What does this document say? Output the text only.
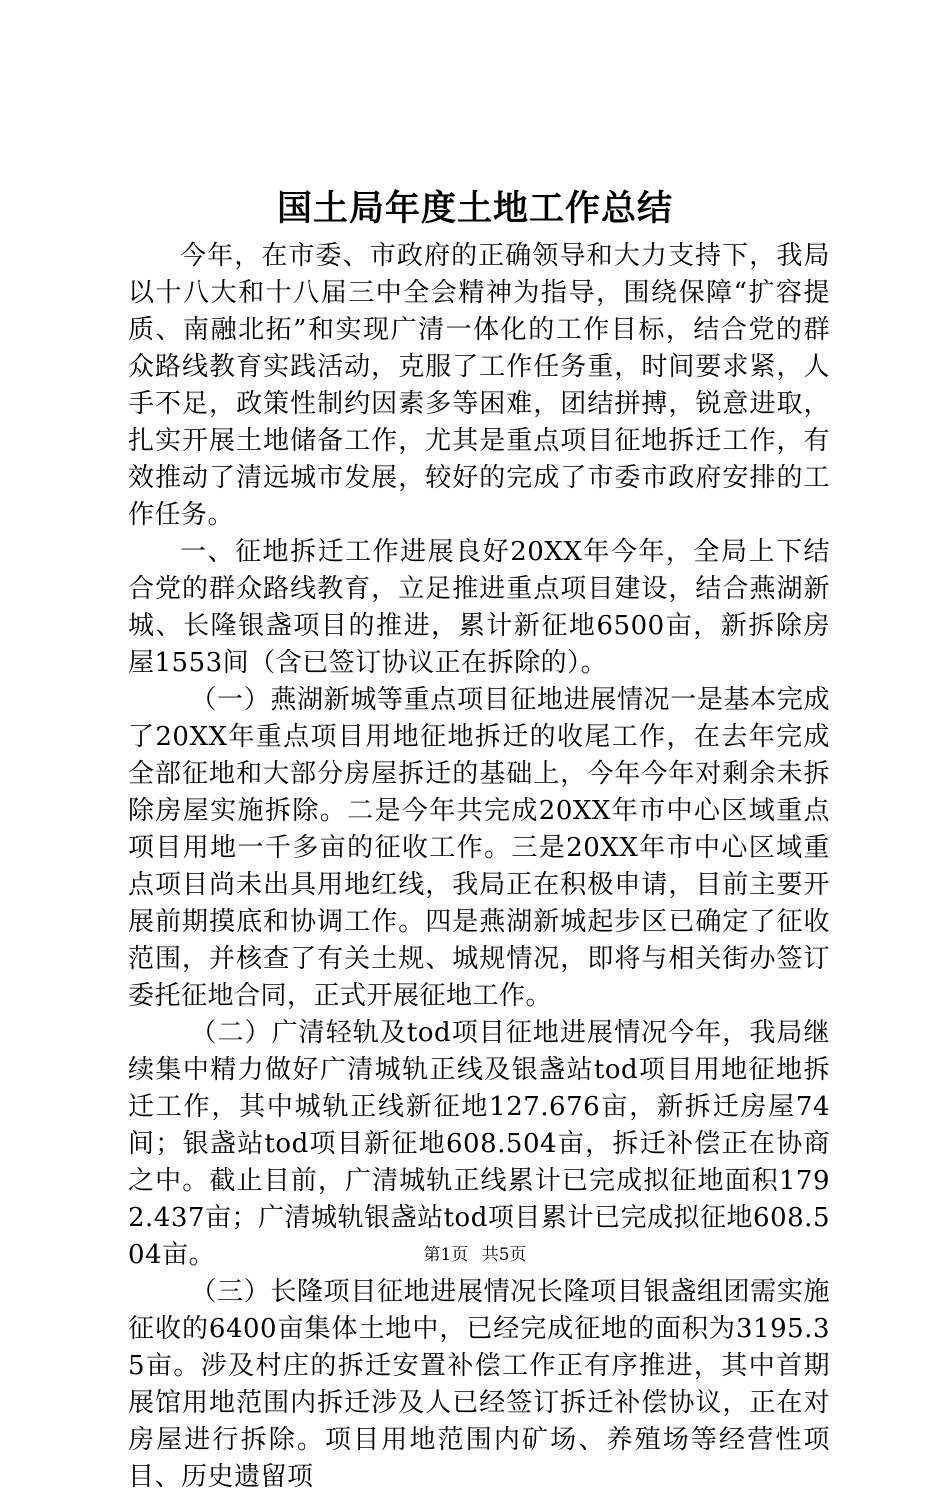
国土局年度土地工作总结

今年，在市委、市政府的正确领导和大力支持下，我局以十八大和十八届三中全会精神为指导，围绕保障“扩容提质、南融北拓”和实现广清一体化的工作目标，结合党的群众路线教育实践活动，克服了工作任务重，时间要求紧，人手不足，政策性制约因素多等困难，团结拼搏，锐意进取，扎实开展土地储备工作，尤其是重点项目征地拆迁工作，有效推动了清远城市发展，较好的完成了市委市政府安排的工作任务。

一、征地拆迁工作进展良好20XX年今年，全局上下结合党的群众路线教育，立足推进重点项目建设，结合燕湖新城、长隆银盏项目的推进，累计新征地6500亩，新拆除房屋1553间（含已签订协议正在拆除的）。

（一）燕湖新城等重点项目征地进展情况一是基本完成了20XX年重点项目用地征地拆迁的收尾工作，在去年完成全部征地和大部分房屋拆迁的基础上，今年今年对剩余未拆除房屋实施拆除。二是今年共完成20XX年市中心区域重点项目用地一千多亩的征收工作。三是20XX年市中心区域重点项目尚未出具用地红线，我局正在积极申请，目前主要开展前期摸底和协调工作。四是燕湖新城起步区已确定了征收范围，并核查了有关土规、城规情况，即将与相关街办签订委托征地合同，正式开展征地工作。

（二）广清轻轨及tod项目征地进展情况今年，我局继续集中精力做好广清城轨正线及银盏站tod项目用地征地拆迁工作，其中城轨正线新征地127.676亩，新拆迁房屋74间；银盏站tod项目新征地608.504亩，拆迁补偿正在协商之中。截止目前，广清城轨正线累计已完成拟征地面积1792.437亩；广清城轨银盏站tod项目累计已完成拟征地608.504亩。

（三）长隆项目征地进展情况长隆项目银盏组团需实施征收的6400亩集体土地中，已经完成征地的面积为3195.35亩。涉及村庄的拆迁安置补偿工作正有序推进，其中首期展馆用地范围内拆迁涉及人已经签订拆迁补偿协议，正在对房屋进行拆除。项目用地范围内矿场、养殖场等经营性项目、历史遗留项

第1页 共5页
